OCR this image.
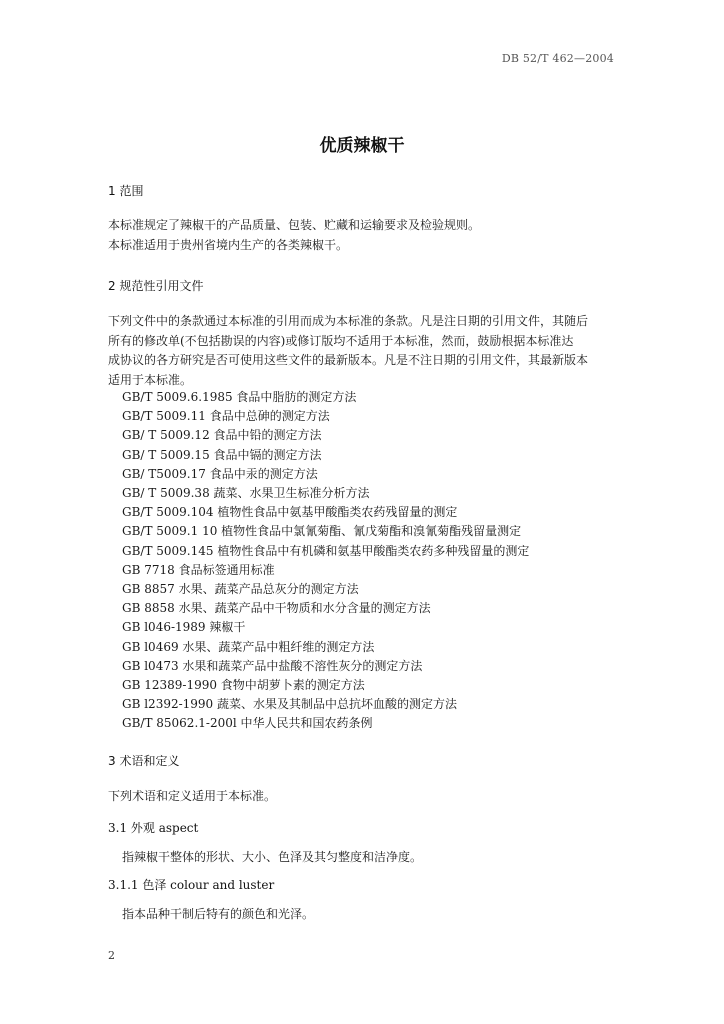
DB 52/T 462—2004
优质辣椒干
1 范围
本标准规定了辣椒干的产品质量、包装、贮藏和运输要求及检验规则。
本标准适用于贵州省境内生产的各类辣椒干。
2 规范性引用文件
下列文件中的条款通过本标准的引用而成为本标准的条款。凡是注日期的引用文件，其随后
所有的修改单(不包括勘误的内容)或修订版均不适用于本标准，然而，鼓励根据本标准达
成协议的各方研究是否可使用这些文件的最新版本。凡是不注日期的引用文件，其最新版本
适用于本标准。
GB/T 5009.6.1985 食品中脂肪的测定方法
GB/T 5009.11 食品中总砷的测定方法
GB/ T 5009.12 食品中铅的测定方法
GB/ T 5009.15 食品中镉的测定方法
GB/ T5009.17 食品中汞的测定方法
GB/ T 5009.38 蔬菜、水果卫生标准分析方法
GB/T 5009.104 植物性食品中氨基甲酸酯类农药残留量的测定
GB/T 5009.1 10 植物性食品中氯氰菊酯、氰戊菊酯和溴氰菊酯残留量测定
GB/T 5009.145 植物性食品中有机磷和氨基甲酸酯类农药多种残留量的测定
GB 7718 食品标签通用标准
GB 8857 水果、蔬菜产品总灰分的测定方法
GB 8858 水果、蔬菜产品中干物质和水分含量的测定方法
GB l046-1989 辣椒干
GB l0469 水果、蔬菜产品中粗纤维的测定方法
GB l0473 水果和蔬菜产品中盐酸不溶性灰分的测定方法
GB 12389-1990 食物中胡萝卜素的测定方法
GB l2392-1990 蔬菜、水果及其制品中总抗坏血酸的测定方法
GB/T 85062.1-200l 中华人民共和国农药条例
3 术语和定义
下列术语和定义适用于本标准。
3.1 外观 aspect
指辣椒干整体的形状、大小、色泽及其匀整度和洁净度。
3.1.1 色泽 colour and luster
指本品种干制后特有的颜色和光泽。
2
